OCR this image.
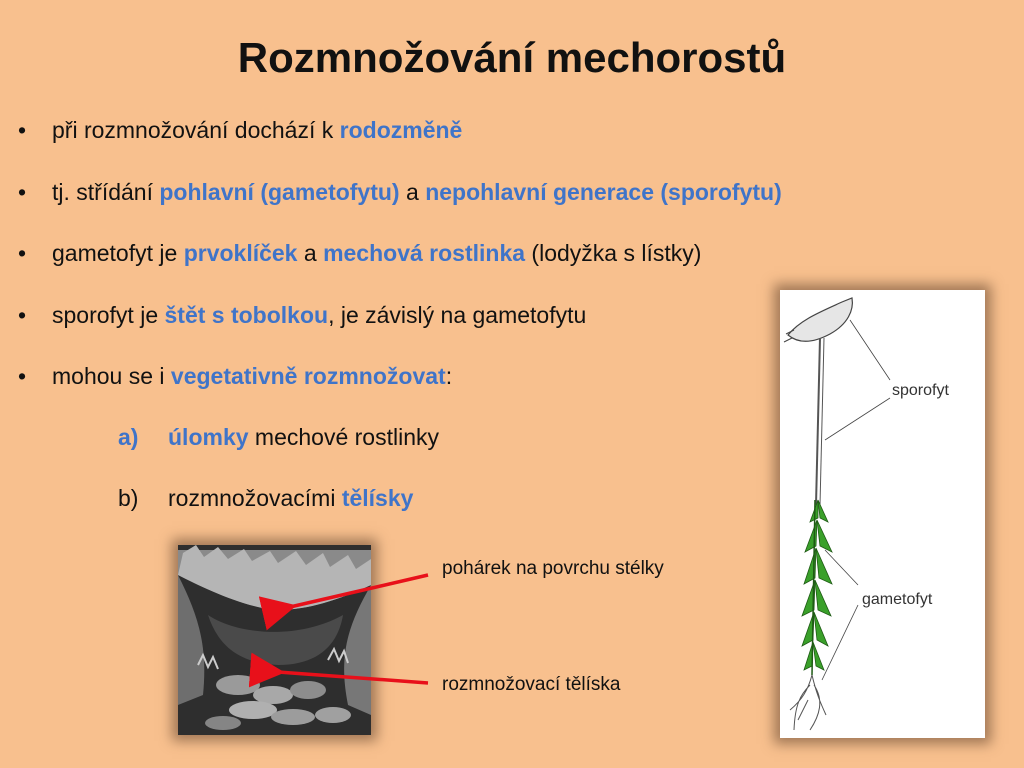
Rozmnožování mechorostů
• při rozmnožování dochází k rodozměně
• tj. střídání pohlavní (gametofytu) a nepohlavní generace (sporofytu)
• gametofyt je prvoklíček a mechová rostlinka (lodyžka s lístky)
• sporofyt je štět s tobolkou, je závislý na gametofytu
• mohou se i vegetativně rozmnožovat:
a) úlomky mechové rostlinky
b) rozmnožovacími tělísky
sporofyt
gametofyt
pohárek na povrchu stélky
rozmnožovací tělíska
